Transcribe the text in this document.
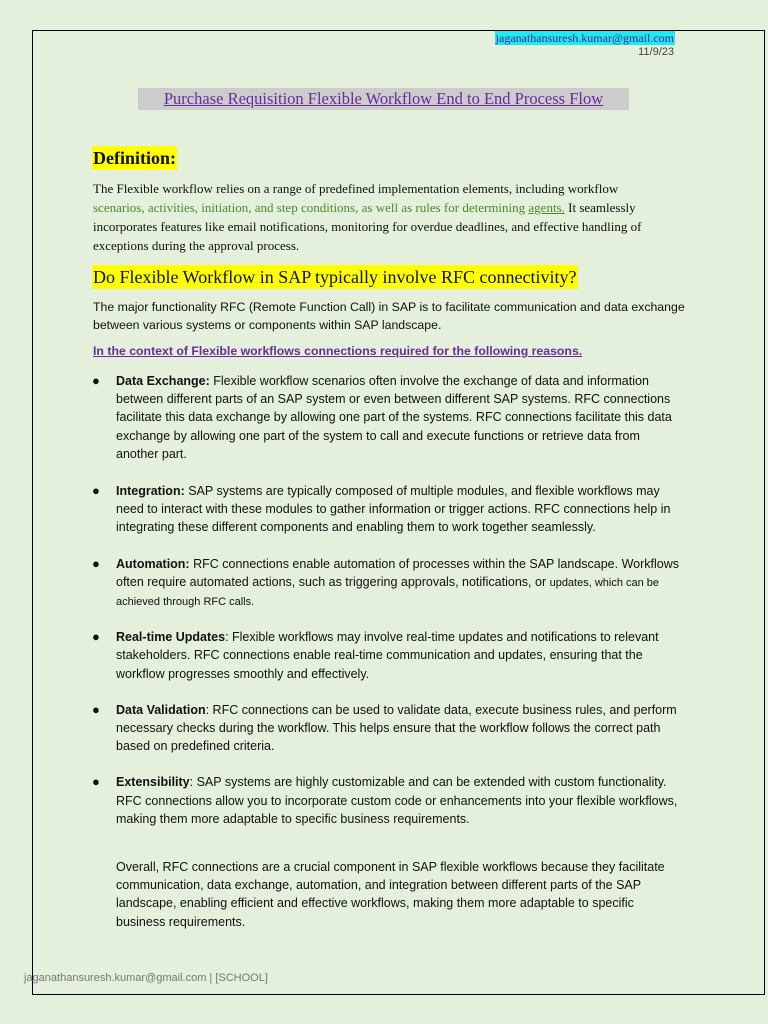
jaganathansuresh.kumar@gmail.com
11/9/23
Purchase Requisition Flexible Workflow End to End Process Flow
Definition:
The Flexible workflow relies on a range of predefined implementation elements, including workflow scenarios, activities, initiation, and step conditions, as well as rules for determining agents. It seamlessly incorporates features like email notifications, monitoring for overdue deadlines, and effective handling of exceptions during the approval process.
Do Flexible Workflow in SAP typically involve RFC connectivity?
The major functionality RFC (Remote Function Call) in SAP is to facilitate communication and data exchange between various systems or components within SAP landscape.
In the context of Flexible workflows connections required for the following reasons.
● Data Exchange: Flexible workflow scenarios often involve the exchange of data and information between different parts of an SAP system or even between different SAP systems. RFC connections facilitate this data exchange by allowing one part of the systems. RFC connections facilitate this data exchange by allowing one part of the system to call and execute functions or retrieve data from another part.
● Integration: SAP systems are typically composed of multiple modules, and flexible workflows may need to interact with these modules to gather information or trigger actions. RFC connections help in integrating these different components and enabling them to work together seamlessly.
● Automation: RFC connections enable automation of processes within the SAP landscape. Workflows often require automated actions, such as triggering approvals, notifications, or updates, which can be achieved through RFC calls.
● Real-time Updates: Flexible workflows may involve real-time updates and notifications to relevant stakeholders. RFC connections enable real-time communication and updates, ensuring that the workflow progresses smoothly and effectively.
● Data Validation: RFC connections can be used to validate data, execute business rules, and perform necessary checks during the workflow. This helps ensure that the workflow follows the correct path based on predefined criteria.
● Extensibility: SAP systems are highly customizable and can be extended with custom functionality. RFC connections allow you to incorporate custom code or enhancements into your flexible workflows, making them more adaptable to specific business requirements.
Overall, RFC connections are a crucial component in SAP flexible workflows because they facilitate communication, data exchange, automation, and integration between different parts of the SAP landscape, enabling efficient and effective workflows, making them more adaptable to specific business requirements.
jaganathansuresh.kumar@gmail.com | [SCHOOL]
